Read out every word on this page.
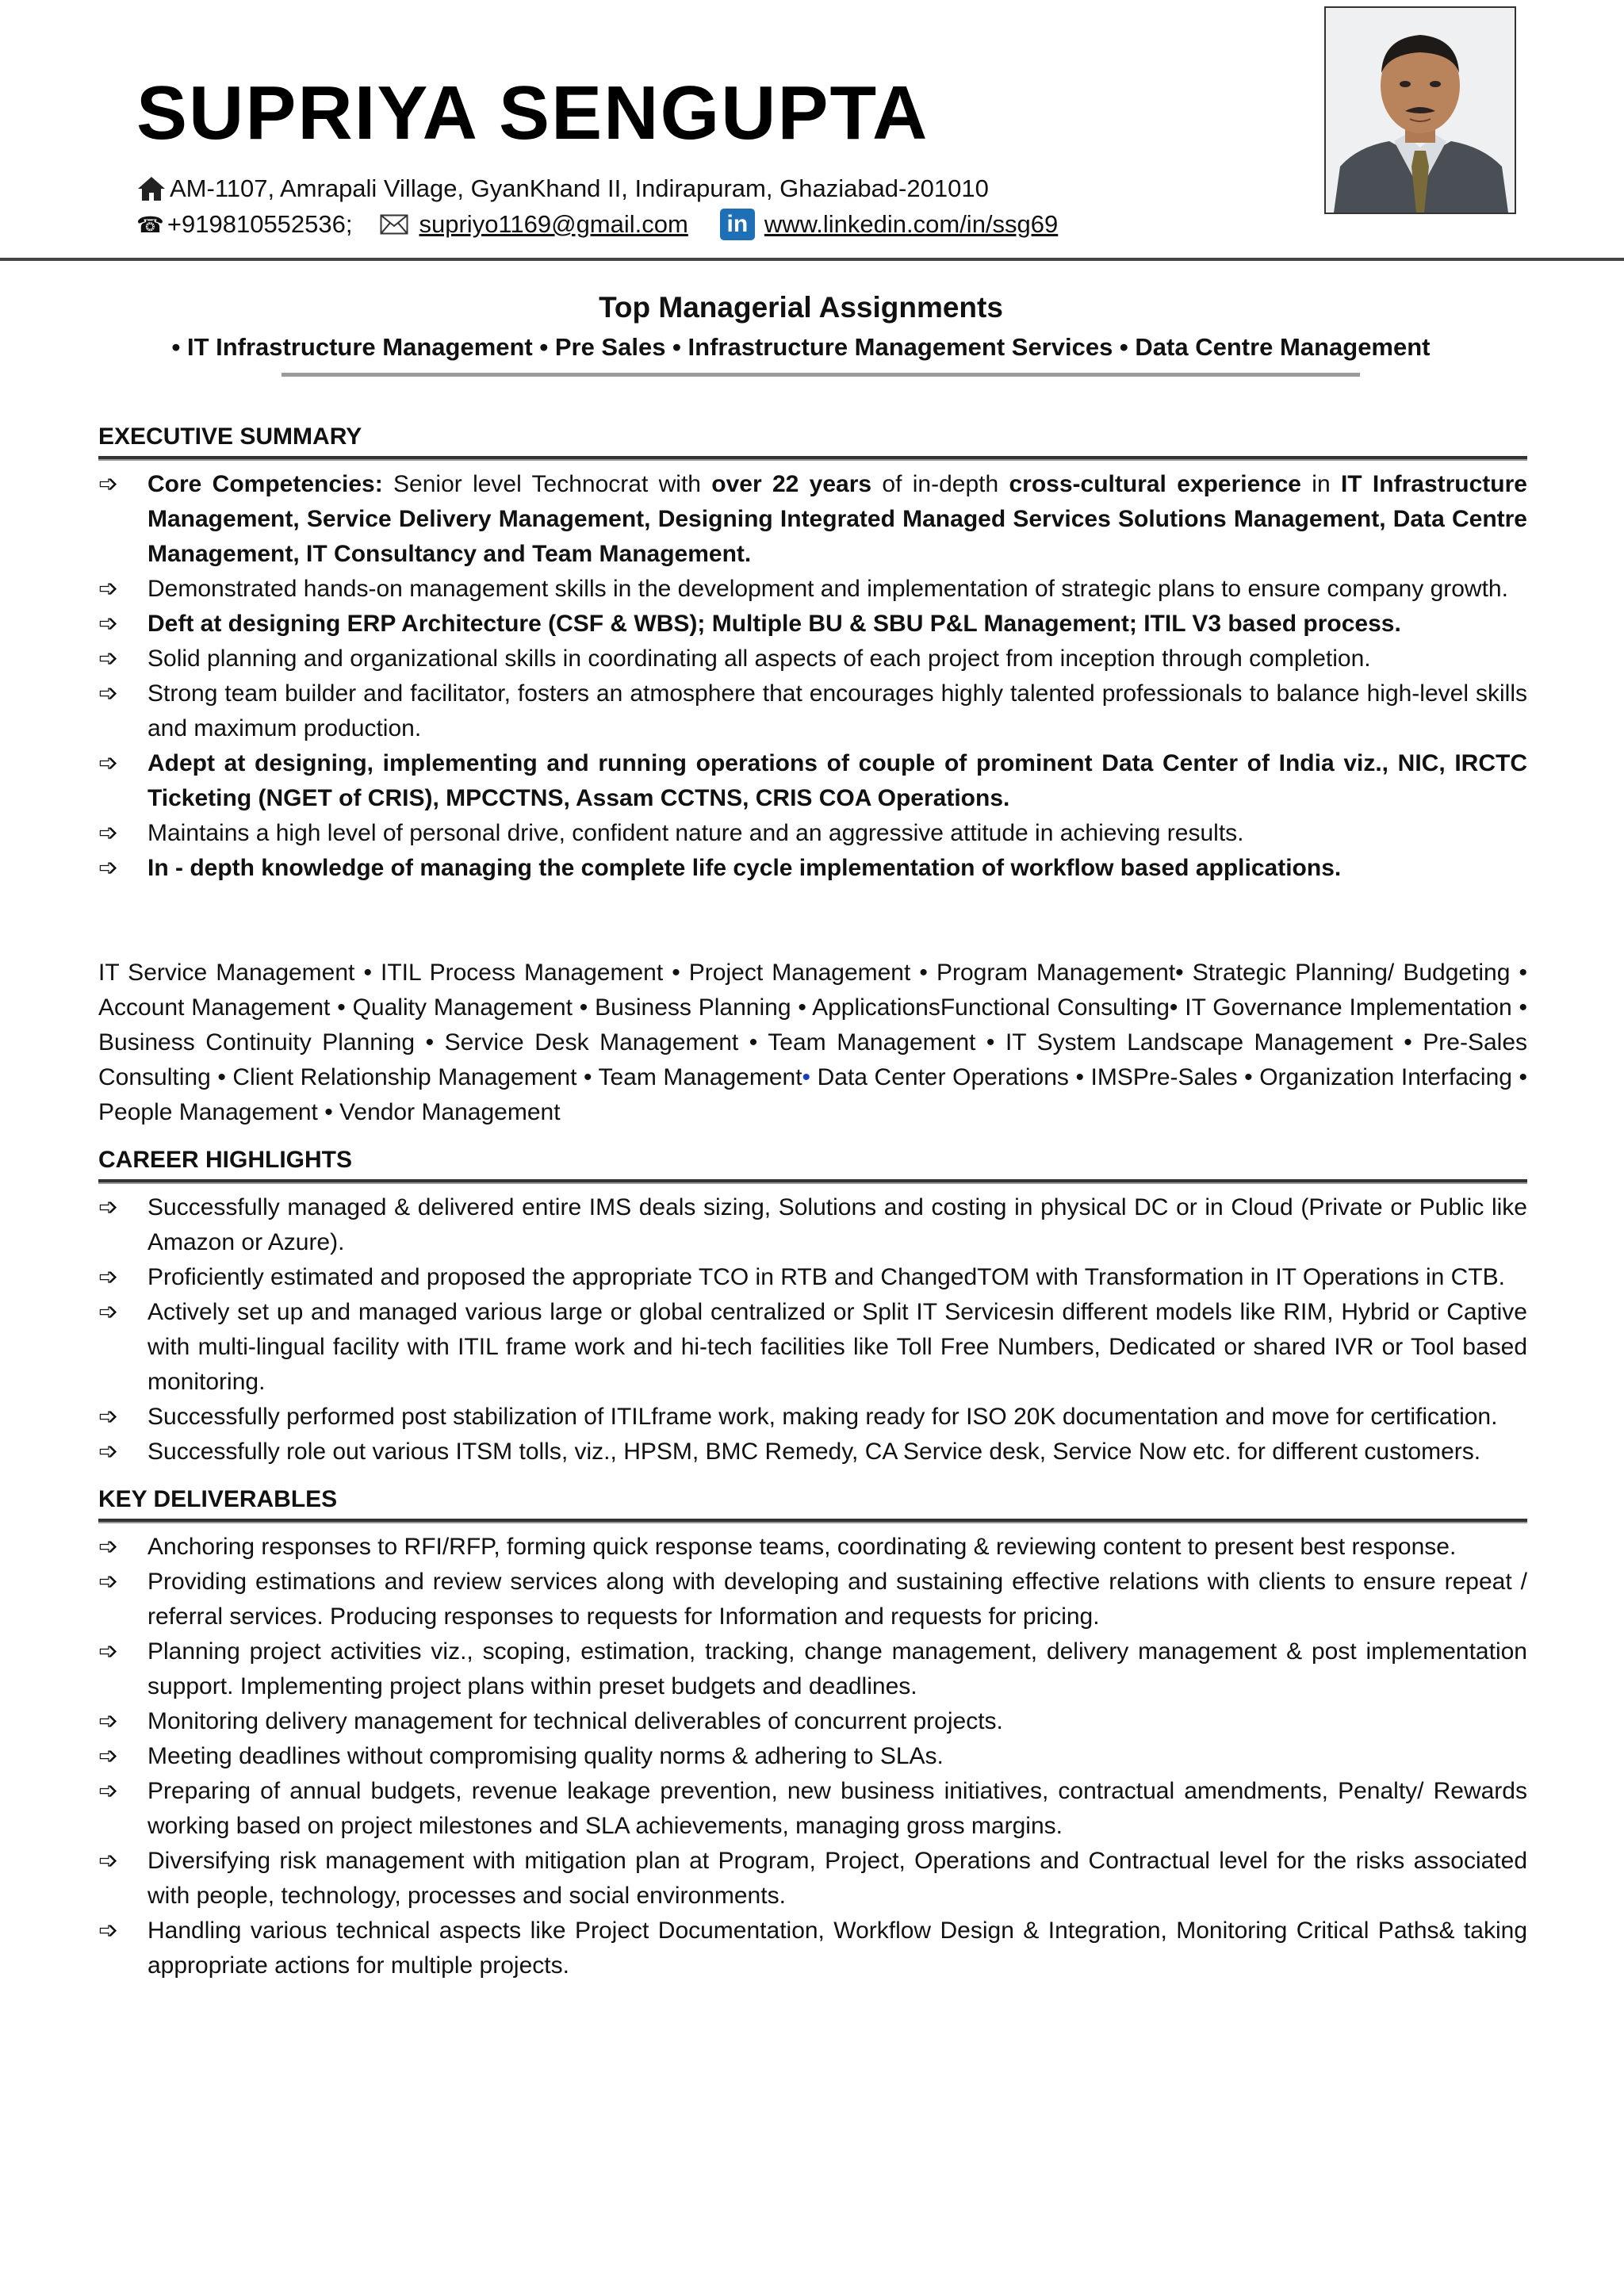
SUPRIYA SENGUPTA
AM-1107, Amrapali Village, GyanKhand II, Indirapuram, Ghaziabad-201010
☎ +919810552536;	supriyo1169@gmail.com in www.linkedin.com/in/ssg69
Top Managerial Assignments
• IT Infrastructure Management • Pre Sales • Infrastructure Management Services • Data Centre Management
EXECUTIVE SUMMARY
➩	Core Competencies: Senior level Technocrat with over 22 years of in-depth cross-cultural experience in IT Infrastructure Management, Service Delivery Management, Designing Integrated Managed Services Solutions Management, Data Centre Management, IT Consultancy and Team Management.
➩	Demonstrated hands-on management skills in the development and implementation of strategic plans to ensure company growth.
➩	Deft at designing ERP Architecture (CSF & WBS); Multiple BU & SBU P&L Management; ITIL V3 based process.
➩	Solid planning and organizational skills in coordinating all aspects of each project from inception through completion.
➩	Strong team builder and facilitator, fosters an atmosphere that encourages highly talented professionals to balance high-level skills and maximum production.
➩	Adept at designing, implementing and running operations of couple of prominent Data Center of India viz., NIC, IRCTC Ticketing (NGET of CRIS), MPCCTNS, Assam CCTNS, CRIS COA Operations.
➩	Maintains a high level of personal drive, confident nature and an aggressive attitude in achieving results.
➩	In - depth knowledge of managing the complete life cycle implementation of workflow based applications.
IT Service Management • ITIL Process Management • Project Management • Program Management• Strategic Planning/ Budgeting • Account Management • Quality Management • Business Planning • ApplicationsFunctional Consulting• IT Governance Implementation • Business Continuity Planning • Service Desk Management • Team Management • IT System Landscape Management • Pre-Sales Consulting • Client Relationship Management • Team Management• Data Center Operations • IMSPre-Sales • Organization Interfacing • People Management • Vendor Management
CAREER HIGHLIGHTS
➩	Successfully managed & delivered entire IMS deals sizing, Solutions and costing in physical DC or in Cloud (Private or Public like Amazon or Azure).
➩	Proficiently estimated and proposed the appropriate TCO in RTB and ChangedTOM with Transformation in IT Operations in CTB.
➩	Actively set up and managed various large or global centralized or Split IT Servicesin different models like RIM, Hybrid or Captive with multi-lingual facility with ITIL frame work and hi-tech facilities like Toll Free Numbers, Dedicated or shared IVR or Tool based monitoring.
➩	Successfully performed post stabilization of ITILframe work, making ready for ISO 20K documentation and move for certification.
➩	Successfully role out various ITSM tolls, viz., HPSM, BMC Remedy, CA Service desk, Service Now etc. for different customers.
KEY DELIVERABLES
➩	Anchoring responses to RFI/RFP, forming quick response teams, coordinating & reviewing content to present best response.
➩	Providing estimations and review services along with developing and sustaining effective relations with clients to ensure repeat / referral services. Producing responses to requests for Information and requests for pricing.
➩	Planning project activities viz., scoping, estimation, tracking, change management, delivery management & post implementation support. Implementing project plans within preset budgets and deadlines.
➩	Monitoring delivery management for technical deliverables of concurrent projects.
➩	Meeting deadlines without compromising quality norms & adhering to SLAs.
➩	Preparing of annual budgets, revenue leakage prevention, new business initiatives, contractual amendments, Penalty/ Rewards working based on project milestones and SLA achievements, managing gross margins.
➩	Diversifying risk management with mitigation plan at Program, Project, Operations and Contractual level for the risks associated with people, technology, processes and social environments.
➩	Handling various technical aspects like Project Documentation, Workflow Design & Integration, Monitoring Critical Paths& taking appropriate actions for multiple projects.
